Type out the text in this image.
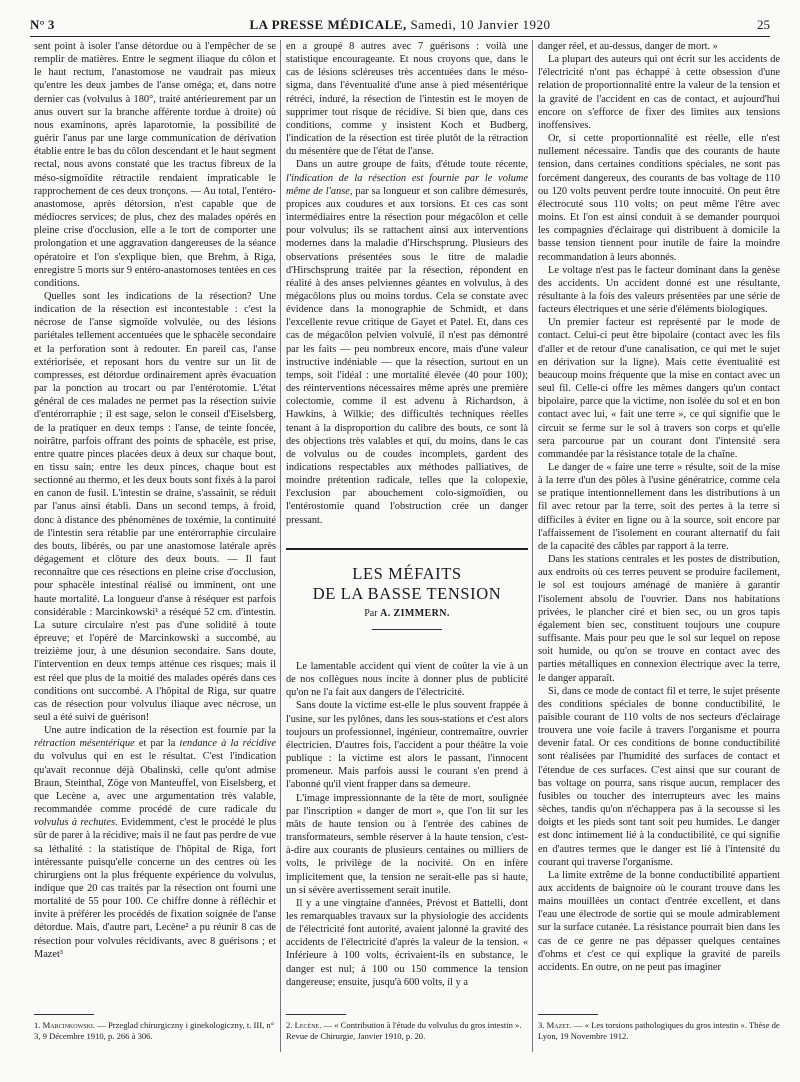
N° 3	LA PRESSE MÉDICALE, Samedi, 10 Janvier 1920	25

sent point à isoler l'anse détordue ou à l'empêcher de se remplir de matières. Entre le segment iliaque du côlon et le haut rectum, l'anastomose ne vaudrait pas mieux qu'entre les deux jambes de l'anse oméga; et, dans notre dernier cas (volvulus à 180°, traité antérieurement par un anus ouvert sur la branche afférente tordue à droite) où nous examinons, après laparotomie, la possibilité de guérir l'anus par une large communication de dérivation établie entre le bas du côlon descendant et le haut segment rectal, nous avons constaté que les tractus fibreux de la méso-sigmoïdite rétractile rendaient impraticable le rapprochement de ces deux tronçons. — Au total, l'entéro-anastomose, après détorsion, n'est capable que de médiocres services; de plus, chez des malades opérés en pleine crise d'occlusion, elle a le tort de comporter une prolongation et une aggravation dangereuses de la séance opératoire et l'on s'explique bien, que Brehm, à Riga, enregistre 5 morts sur 9 entéro-anastomoses tentées en ces conditions.

Quelles sont les indications de la résection? Une indication de la résection est incontestable : c'est la nécrose de l'anse sigmoïde volvulée, ou des lésions pariétales tellement accentuées que le sphacèle secondaire et la perforation sont à redouter. En pareil cas, l'anse extériorisée, et reposant hors du ventre sur un lit de compresses, est détordue ordinairement après évacuation par la ponction au trocart ou par l'entérotomie. L'état général de ces malades ne permet pas la résection suivie d'entérorraphie ; il est sage, selon le conseil d'Eiselsberg, de la pratiquer en deux temps : l'anse, de teinte foncée, noirâtre, parfois offrant des points de sphacèle, est prise, entre quatre pinces placées deux à deux sur chaque bout, en tissu sain; entre les deux pinces, chaque bout est sectionné au thermo, et les deux bouts sont fixés à la paroi en canon de fusil. L'intestin se draine, s'assainit, se réduit par l'anus ainsi établi. Dans un second temps, à froid, donc à distance des phénomènes de toxémie, la continuité de l'intestin sera rétablie par une entérorraphie circulaire des bouts, libérés, ou par une anastomose latérale après dégagement et clôture des deux bouts. — Il faut reconnaître que ces résections en pleine crise d'occlusion, pour sphacèle intestinal réalisé ou imminent, ont une haute mortalité. La longueur d'anse à réséquer est parfois considérable : Marcinkowski¹ a réséqué 52 cm. d'intestin. La suture circulaire n'est pas d'une solidité à toute épreuve; et l'opéré de Marcinkowski a succombé, au treizième jour, à une désunion secondaire. Sans doute, l'intervention en deux temps atténue ces risques; mais il est réel que plus de la moitié des malades opérés dans ces conditions ont succombé. A l'hôpital de Riga, sur quatre cas de résection pour volvulus iliaque avec nécrose, un seul a été suivi de guérison!

Une autre indication de la résection est fournie par la rétraction mésentérique et par la tendance à la récidive du volvulus qui en est le résultat. C'est l'indication qu'avait reconnue déjà Obalinski, celle qu'ont admise Braun, Steinthal, Zöge von Manteuffel, von Eiselsberg, et que Lecène a, avec une argumentation très valable, recommandée comme procédé de cure radicale du volvulus à rechutes. Evidemment, c'est le procédé le plus sûr de parer à la récidive; mais il ne faut pas perdre de vue sa léthalité : la statistique de l'hôpital de Riga, fort intéressante puisqu'elle concerne un des centres où les chirurgiens ont la plus fréquente expérience du volvulus, indique que 20 cas traités par la résection ont fourni une mortalité de 55 pour 100. Ce chiffre donne à réfléchir et invite à préférer les procédés de fixation soignée de l'anse détordue. Mais, d'autre part, Lecène² a pu réunir 8 cas de résection pour volvules récidivants, avec 8 guérisons ; et Mazet³

en a groupé 8 autres avec 7 guérisons : voilà une statistique encourageante. Et nous croyons que, dans le cas de lésions scléreuses très accentuées dans le méso-sigma, dans l'éventualité d'une anse à pied mésentérique rétréci, induré, la résection de l'intestin est le moyen de supprimer tout risque de récidive. Si bien que, dans ces conditions, comme y insistent Koch et Budberg, l'indication de la résection est tirée plutôt de la rétraction du mésentère que de l'état de l'anse.

Dans un autre groupe de faits, d'étude toute récente, l'indication de la résection est fournie par le volume même de l'anse, par sa longueur et son calibre démesurés, propices aux coudures et aux torsions. Et ces cas sont intermédiaires entre la résection pour mégacôlon et celle pour volvulus; ils se rattachent ainsi aux interventions modernes dans la maladie d'Hirschsprung. Plusieurs des observations présentées sous le titre de maladie d'Hirschsprung traitée par la résection, répondent en réalité à des anses pelviennes géantes en volvulus, à des mégacôlons plus ou moins tordus. Cela se constate avec évidence dans la monographie de Schmidt, et dans l'excellente revue critique de Gayet et Patel. Et, dans ces cas de mégacôlon pelvien volvulé, il n'est pas démontré par les faits — peu nombreux encore, mais d'une valeur instructive indéniable — que la résection, surtout en un temps, soit l'idéal : une mortalité élevée (40 pour 100); des réinterventions nécessaires même après une première colectomie, comme il est advenu à Richardson, à Hawkins, à Wilkie; des difficultés techniques réelles tenant à la disproportion du calibre des bouts, ce sont là des objections très valables et qui, du moins, dans le cas de volvulus ou de coudes incomplets, gardent des indications respectables aux méthodes palliatives, de moindre prétention radicale, telles que la colopexie, l'exclusion par abouchement colo-sigmoïdien, ou l'entérostomie quand l'obstruction crée un danger pressant.

LES MÉFAITS
DE LA BASSE TENSION
Par A. ZIMMERN.

Le lamentable accident qui vient de coûter la vie à un de nos collègues nous incite à donner plus de publicité qu'on ne l'a fait aux dangers de l'électricité.

Sans doute la victime est-elle le plus souvent frappée à l'usine, sur les pylônes, dans les sous-stations et c'est alors toujours un professionnel, ingénieur, contremaître, ouvrier électricien. D'autres fois, l'accident a pour théâtre la voie publique : la victime est alors le passant, l'innocent promeneur. Mais parfois aussi le courant s'en prend à l'abonné qu'il vient frapper dans sa demeure.

L'image impressionnante de la tête de mort, soulignée par l'inscription « danger de mort », que l'on lit sur les mâts de haute tension ou à l'entrée des cabines de transformateurs, semble réserver à la haute tension, c'est-à-dire aux courants de plusieurs centaines ou milliers de volts, le privilège de la nocivité. On en infère implicitement que, la tension ne serait-elle pas si haute, un si sévère avertissement serait inutile.

Il y a une vingtaine d'années, Prévost et Battelli, dont les remarquables travaux sur la physiologie des accidents de l'électricité font autorité, avaient jalonné la gravité des accidents de l'électricité d'après la valeur de la tension. « Inférieure à 100 volts, écrivaient-ils en substance, le danger est nul; à 100 ou 150 commence la tension dangereuse; ensuite, jusqu'à 600 volts, il y a

danger réel, et au-dessus, danger de mort. »

La plupart des auteurs qui ont écrit sur les accidents de l'électricité n'ont pas échappé à cette obsession d'une relation de proportionnalité entre la valeur de la tension et la gravité de l'accident en cas de contact, et aujourd'hui encore on s'efforce de fixer des limites aux tensions inoffensives.

Or, si cette proportionnalité est réelle, elle n'est nullement nécessaire. Tandis que des courants de haute tension, dans certaines conditions spéciales, ne sont pas forcément dangereux, des courants de bas voltage de 110 ou 120 volts peuvent perdre toute innocuité. On peut être électrocuté sous 110 volts; on peut même l'être avec moins. Et l'on est ainsi conduit à se demander pourquoi les compagnies d'éclairage qui distribuent à domicile la basse tension tiennent pour inutile de faire la moindre recommandation à leurs abonnés.

Le voltage n'est pas le facteur dominant dans la genèse des accidents. Un accident donné est une résultante, résultante à la fois des valeurs présentées par une série de facteurs électriques et une série d'éléments biologiques.

Un premier facteur est représenté par le mode de contact. Celui-ci peut être bipolaire (contact avec les fils d'aller et de retour d'une canalisation, ce qui met le sujet en dérivation sur la ligne). Mais cette éventualité est beaucoup moins fréquente que la mise en contact avec un seul fil. Celle-ci offre les mêmes dangers qu'un contact bipolaire, parce que la victime, non isolée du sol et en bon contact avec lui, « fait une terre », ce qui signifie que le circuit se ferme sur le sol à travers son corps et qu'elle sera parcourue par un courant dont l'intensité sera commandée par la résistance totale de la chaîne.

Le danger de « faire une terre » résulte, soit de la mise à la terre d'un des pôles à l'usine génératrice, comme cela se pratique intentionnellement dans les distributions à un fil avec retour par la terre, soit des pertes à la terre si difficiles à éviter en ligne ou à la source, soit encore par l'affaissement de l'isolement en courant alternatif du fait de la capacité des câbles par rapport à la terre.

Dans les stations centrales et les postes de distribution, aux endroits où ces terres peuvent se produire facilement, le sol est toujours aménagé de manière à garantir l'isolement absolu de l'ouvrier. Dans nos habitations privées, le plancher ciré et bien sec, ou un gros tapis également bien sec, constituent toujours une coupure suffisante. Mais pour peu que le sol sur lequel on repose soit humide, ou qu'on se trouve en contact avec des parties métalliques en connexion électrique avec la terre, le danger apparaît.

Si, dans ce mode de contact fil et terre, le sujet présente des conditions spéciales de bonne conductibilité, le paisible courant de 110 volts de nos secteurs d'éclairage trouvera une voie facile à travers l'organisme et pourra devenir fatal. Or ces conditions de bonne conductibilité sont réalisées par l'humidité des surfaces de contact et l'étendue de ces surfaces. C'est ainsi que sur courant de bas voltage on pourra, sans risque aucun, remplacer des fusibles ou toucher des interrupteurs avec les mains sèches, tandis qu'on n'échappera pas à la secousse si les doigts et les pieds sont tant soit peu humides. Le danger est donc intimement lié à la conductibilité, ce qui signifie en d'autres termes que le danger est lié à l'intensité du courant qui traverse l'organisme.

La limite extrême de la bonne conductibilité appartient aux accidents de baignoire où le courant trouve dans les mains mouillées un contact d'entrée excellent, et dans l'eau une électrode de sortie qui se moule admirablement sur la surface cutanée. La résistance pourrait bien dans les cas de ce genre ne pas dépasser quelques centaines d'ohms et c'est ce qui explique la gravité de pareils accidents. En outre, on ne peut pas imaginer

1. Marcinkowski. — Przeglad chirurgiczny i ginekologiczny, t. III, n° 3, 9 Décembre 1910, p. 266 à 306.
2. Lecène. — « Contribution à l'étude du volvulus du gros intestin ». Revue de Chirurgie, Janvier 1910, p. 20.
3. Mazet. — « Les torsions pathologiques du gros intestin ». Thèse de Lyon, 19 Novembre 1912.
